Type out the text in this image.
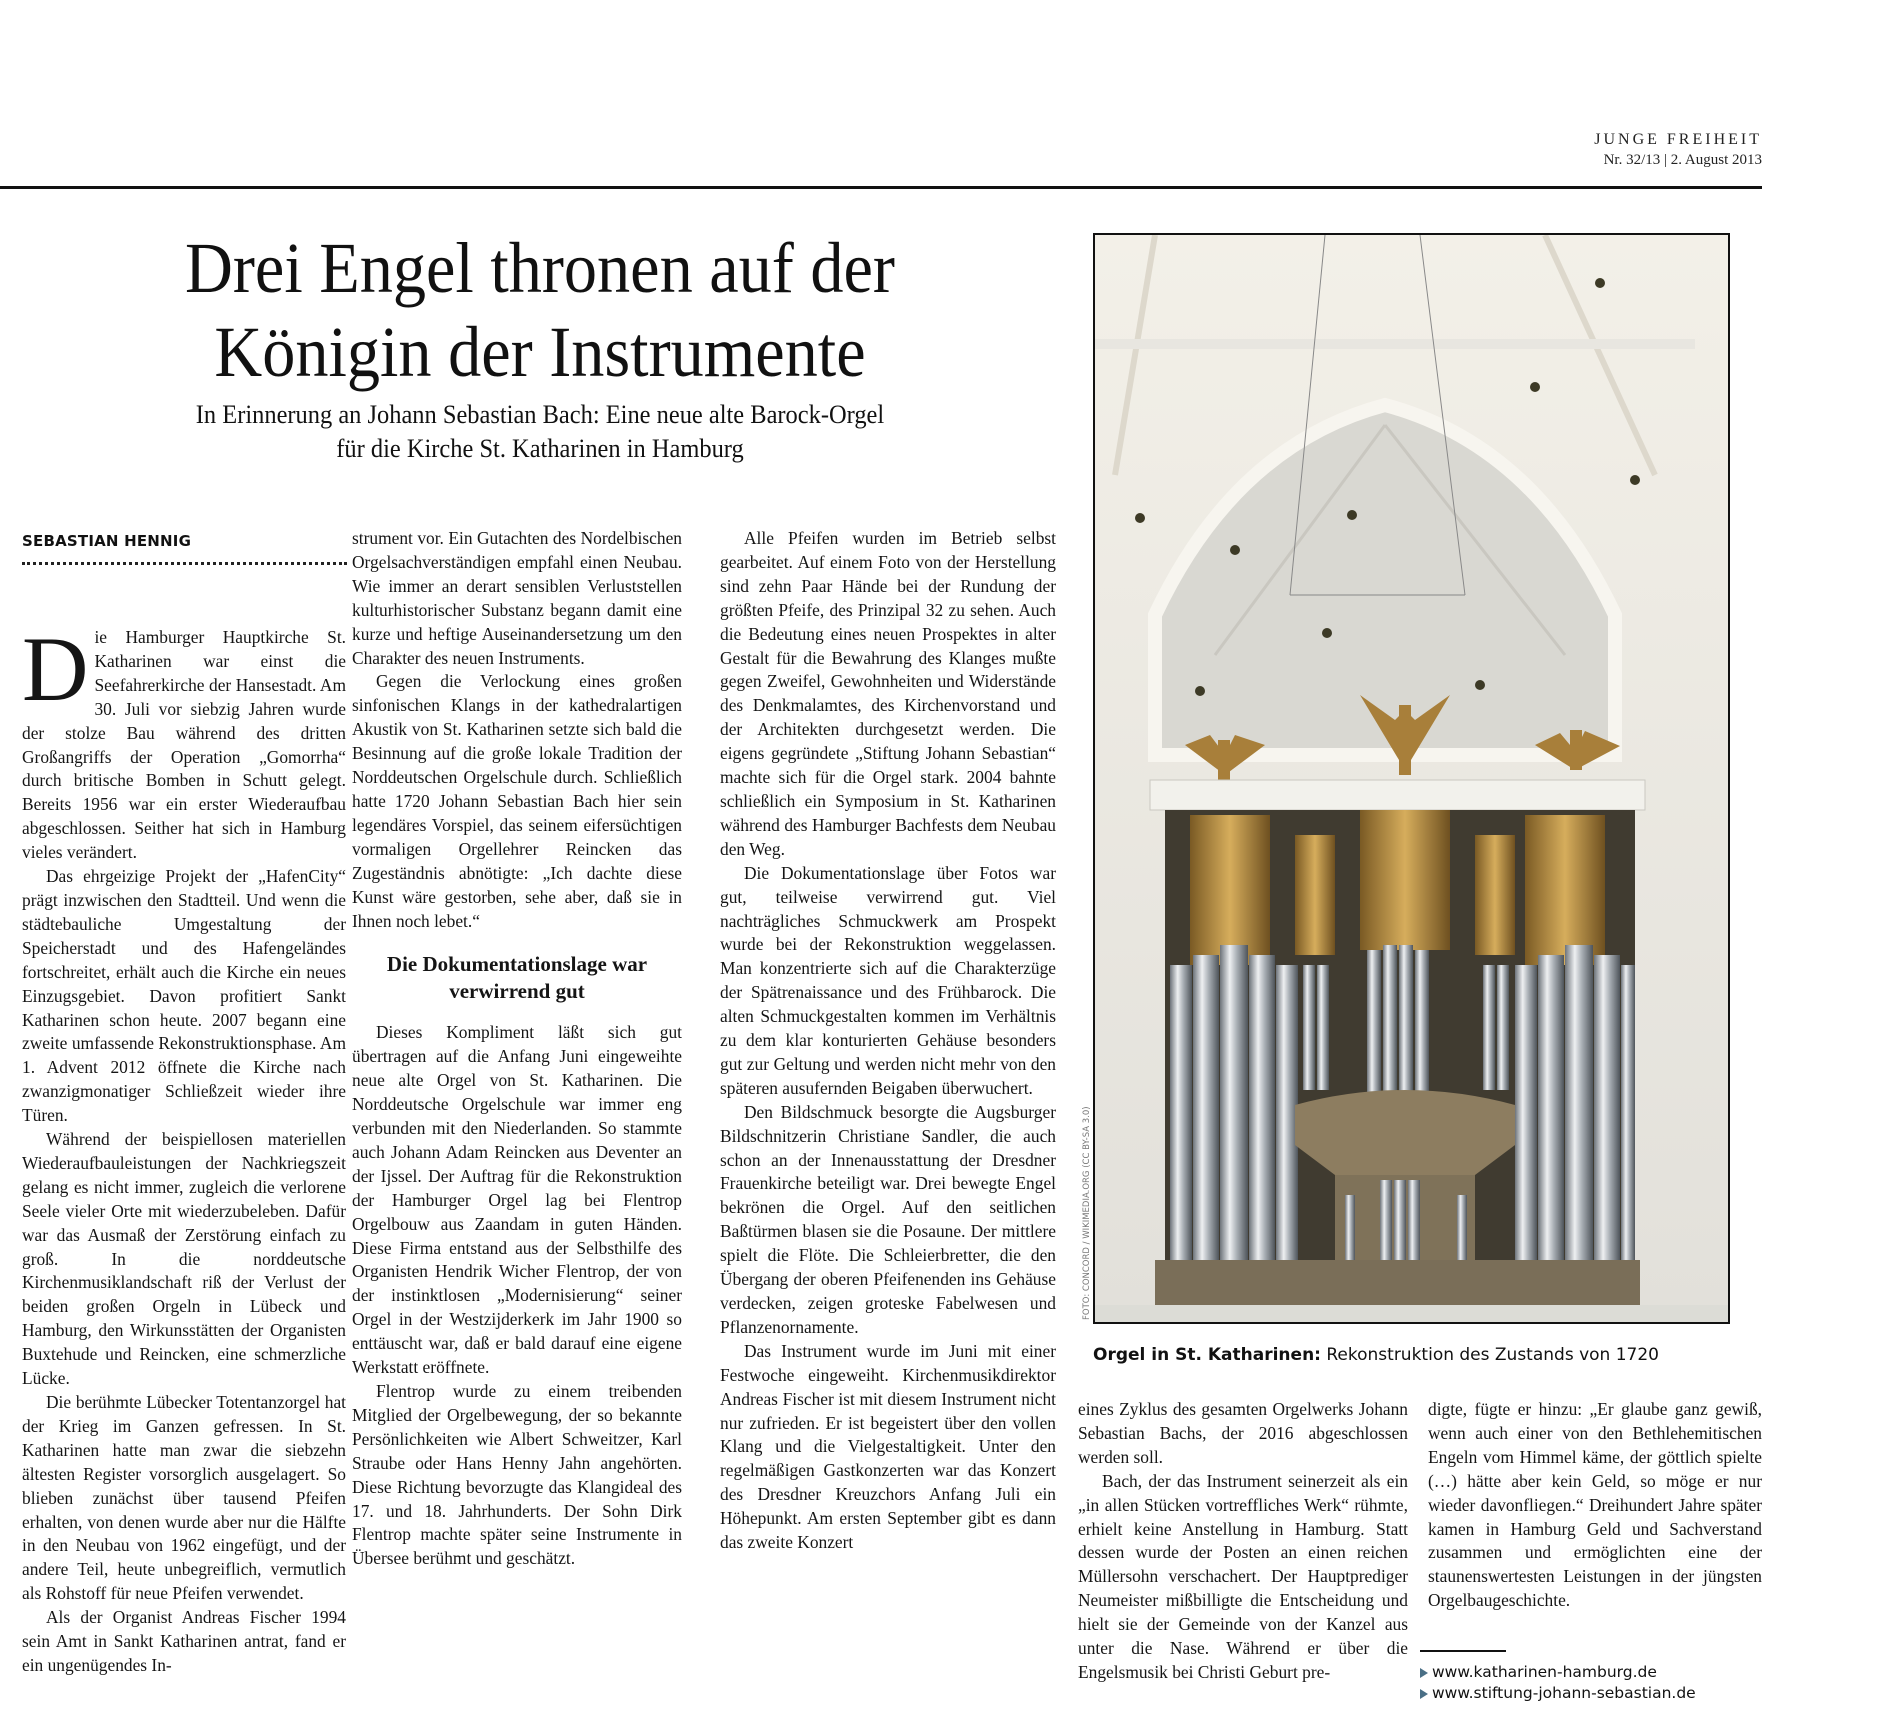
JUNGE FREIHEIT
Nr. 32/13 | 2. August 2013
Drei Engel thronen auf der
Königin der Instrumente
In Erinnerung an Johann Sebastian Bach: Eine neue alte Barock-Orgel
für die Kirche St. Katharinen in Hamburg
SEBASTIAN HENNIG

Die Hamburger Hauptkirche St. Katharinen war einst die Seefahrerkirche der Hansestadt. Am 30. Juli vor siebzig Jahren wurde der stolze Bau während des dritten Großangriffs der Operation „Gomorrha“ durch britische Bomben in Schutt gelegt. Bereits 1956 war ein erster Wiederaufbau abgeschlossen. Seither hat sich in Hamburg vieles verändert.

Das ehrgeizige Projekt der „HafenCity“ prägt inzwischen den Stadtteil. Und wenn die städtebauliche Umgestaltung der Speicherstadt und des Hafengeländes fortschreitet, erhält auch die Kirche ein neues Einzugsgebiet. Davon profitiert Sankt Katharinen schon heute. 2007 begann eine zweite umfassende Rekonstruktionsphase. Am 1. Advent 2012 öffnete die Kirche nach zwanzigmonatiger Schließzeit wieder ihre Türen.

Während der beispiellosen materiellen Wiederaufbauleistungen der Nachkriegszeit gelang es nicht immer, zugleich die verlorene Seele vieler Orte mit wiederzubeleben. Dafür war das Ausmaß der Zerstörung einfach zu groß. In die norddeutsche Kirchenmusiklandschaft riß der Verlust der beiden großen Orgeln in Lübeck und Hamburg, den Wirkunsstätten der Organisten Buxtehude und Reincken, eine schmerzliche Lücke.

Die berühmte Lübecker Totentanzorgel hat der Krieg im Ganzen gefressen. In St. Katharinen hatte man zwar die siebzehn ältesten Register vorsorglich ausgelagert. So blieben zunächst über tausend Pfeifen erhalten, von denen wurde aber nur die Hälfte in den Neubau von 1962 eingefügt, und der andere Teil, heute unbegreiflich, vermutlich als Rohstoff für neue Pfeifen verwendet.

Als der Organist Andreas Fischer 1994 sein Amt in Sankt Katharinen antrat, fand er ein ungenügendes In-

strument vor. Ein Gutachten des Nordelbischen Orgelsachverständigen empfahl einen Neubau. Wie immer an derart sensiblen Verluststellen kulturhistorischer Substanz begann damit eine kurze und heftige Auseinandersetzung um den Charakter des neuen Instruments.

Gegen die Verlockung eines großen sinfonischen Klangs in der kathedralartigen Akustik von St. Katharinen setzte sich bald die Besinnung auf die große lokale Tradition der Norddeutschen Orgelschule durch. Schließlich hatte 1720 Johann Sebastian Bach hier sein legendäres Vorspiel, das seinem eifersüchtigen vormaligen Orgellehrer Reincken das Zugeständnis abnötigte: „Ich dachte diese Kunst wäre gestorben, sehe aber, daß sie in Ihnen noch lebet.“

Die Dokumentationslage war verwirrend gut

Dieses Kompliment läßt sich gut übertragen auf die Anfang Juni eingeweihte neue alte Orgel von St. Katharinen. Die Norddeutsche Orgelschule war immer eng verbunden mit den Niederlanden. So stammte auch Johann Adam Reincken aus Deventer an der Ijssel. Der Auftrag für die Rekonstruktion der Hamburger Orgel lag bei Flentrop Orgelbouw aus Zaandam in guten Händen. Diese Firma entstand aus der Selbsthilfe des Organisten Hendrik Wicher Flentrop, der von der instinktlosen „Modernisierung“ seiner Orgel in der Westzijderkerk im Jahr 1900 so enttäuscht war, daß er bald darauf eine eigene Werkstatt eröffnete.

Flentrop wurde zu einem treibenden Mitglied der Orgelbewegung, der so bekannte Persönlichkeiten wie Albert Schweitzer, Karl Straube oder Hans Henny Jahn angehörten. Diese Richtung bevorzugte das Klangideal des 17. und 18. Jahrhunderts. Der Sohn Dirk Flentrop machte später seine Instrumente in Übersee berühmt und geschätzt.

Alle Pfeifen wurden im Betrieb selbst gearbeitet. Auf einem Foto von der Herstellung sind zehn Paar Hände bei der Rundung der größten Pfeife, des Prinzipal 32 zu sehen. Auch die Bedeutung eines neuen Prospektes in alter Gestalt für die Bewahrung des Klanges mußte gegen Zweifel, Gewohnheiten und Widerstände des Denkmalamtes, des Kirchenvorstand und der Architekten durchgesetzt werden. Die eigens gegründete „Stiftung Johann Sebastian“ machte sich für die Orgel stark. 2004 bahnte schließlich ein Symposium in St. Katharinen während des Hamburger Bachfests dem Neubau den Weg.

Die Dokumentationslage über Fotos war gut, teilweise verwirrend gut. Viel nachträgliches Schmuckwerk am Prospekt wurde bei der Rekonstruktion weggelassen. Man konzentrierte sich auf die Charakterzüge der Spätrenaissance und des Frühbarock. Die alten Schmuckgestalten kommen im Verhältnis zu dem klar konturierten Gehäuse besonders gut zur Geltung und werden nicht mehr von den späteren ausufernden Beigaben überwuchert.

Den Bildschmuck besorgte die Augsburger Bildschnitzerin Christiane Sandler, die auch schon an der Innenausstattung der Dresdner Frauenkirche beteiligt war. Drei bewegte Engel bekrönen die Orgel. Auf den seitlichen Baßtürmen blasen sie die Posaune. Der mittlere spielt die Flöte. Die Schleierbretter, die den Übergang der oberen Pfeifenenden ins Gehäuse verdecken, zeigen groteske Fabelwesen und Pflanzenornamente.

Das Instrument wurde im Juni mit einer Festwoche eingeweiht. Kirchenmusikdirektor Andreas Fischer ist mit diesem Instrument nicht nur zufrieden. Er ist begeistert über den vollen Klang und die Vielgestaltigkeit. Unter den regelmäßigen Gastkonzerten war das Konzert des Dresdner Kreuzchors Anfang Juli ein Höhepunkt. Am ersten September gibt es dann das zweite Konzert

FOTO: CONCORD / WIKIMEDIA.ORG (CC BY-SA 3.0)
Orgel in St. Katharinen: Rekonstruktion des Zustands von 1720

eines Zyklus des gesamten Orgelwerks Johann Sebastian Bachs, der 2016 abgeschlossen werden soll.

Bach, der das Instrument seinerzeit als ein „in allen Stücken vortreffliches Werk“ rühmte, erhielt keine Anstellung in Hamburg. Statt dessen wurde der Posten an einen reichen Müllersohn verschachert. Der Hauptprediger Neumeister mißbilligte die Entscheidung und hielt sie der Gemeinde von der Kanzel aus unter die Nase. Während er über die Engelsmusik bei Christi Geburt pre-

digte, fügte er hinzu: „Er glaube ganz gewiß, wenn auch einer von den Bethlehemitischen Engeln vom Himmel käme, der göttlich spielte (…) hätte aber kein Geld, so möge er nur wieder davonfliegen.“ Dreihundert Jahre später kamen in Hamburg Geld und Sachverstand zusammen und ermöglichten eine der staunenswertesten Leistungen in der jüngsten Orgelbaugeschichte.

www.katharinen-hamburg.de
www.stiftung-johann-sebastian.de
